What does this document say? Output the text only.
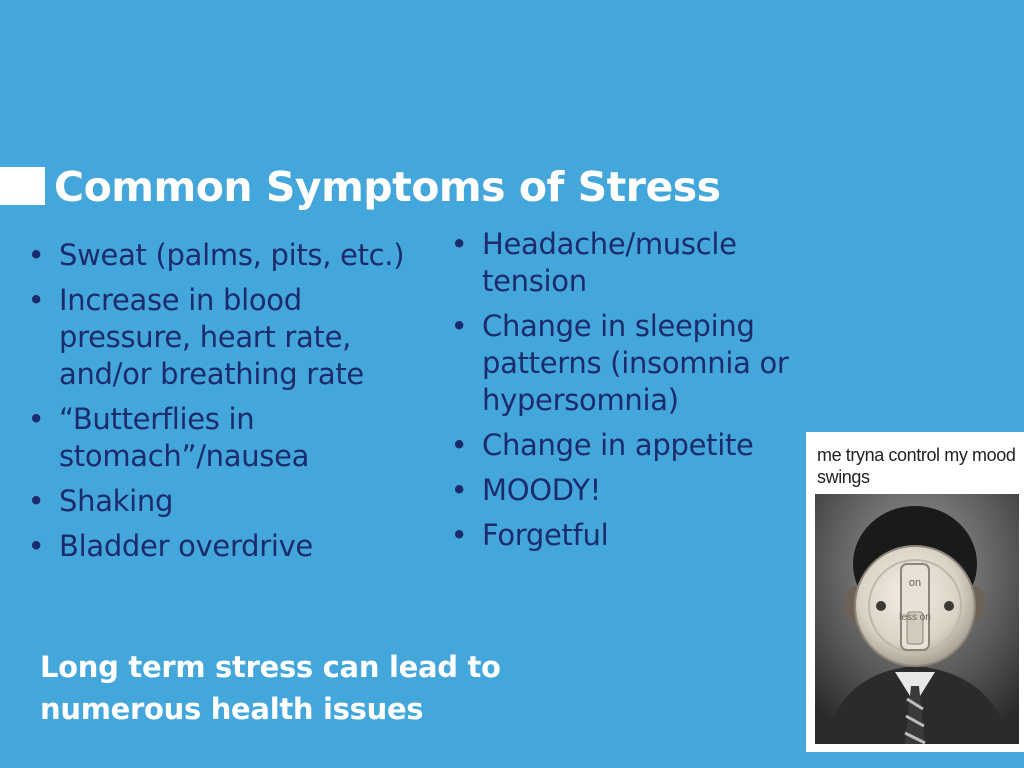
Common Symptoms of Stress
• Sweat (palms, pits, etc.)
• Increase in blood pressure, heart rate, and/or breathing rate
• “Butterflies in stomach”/nausea
• Shaking
• Bladder overdrive
• Headache/muscle tension
• Change in sleeping patterns (insomnia or hypersomnia)
• Change in appetite
• MOODY!
• Forgetful

Long term stress can lead to numerous health issues

me tryna control my mood swings

on
less on
